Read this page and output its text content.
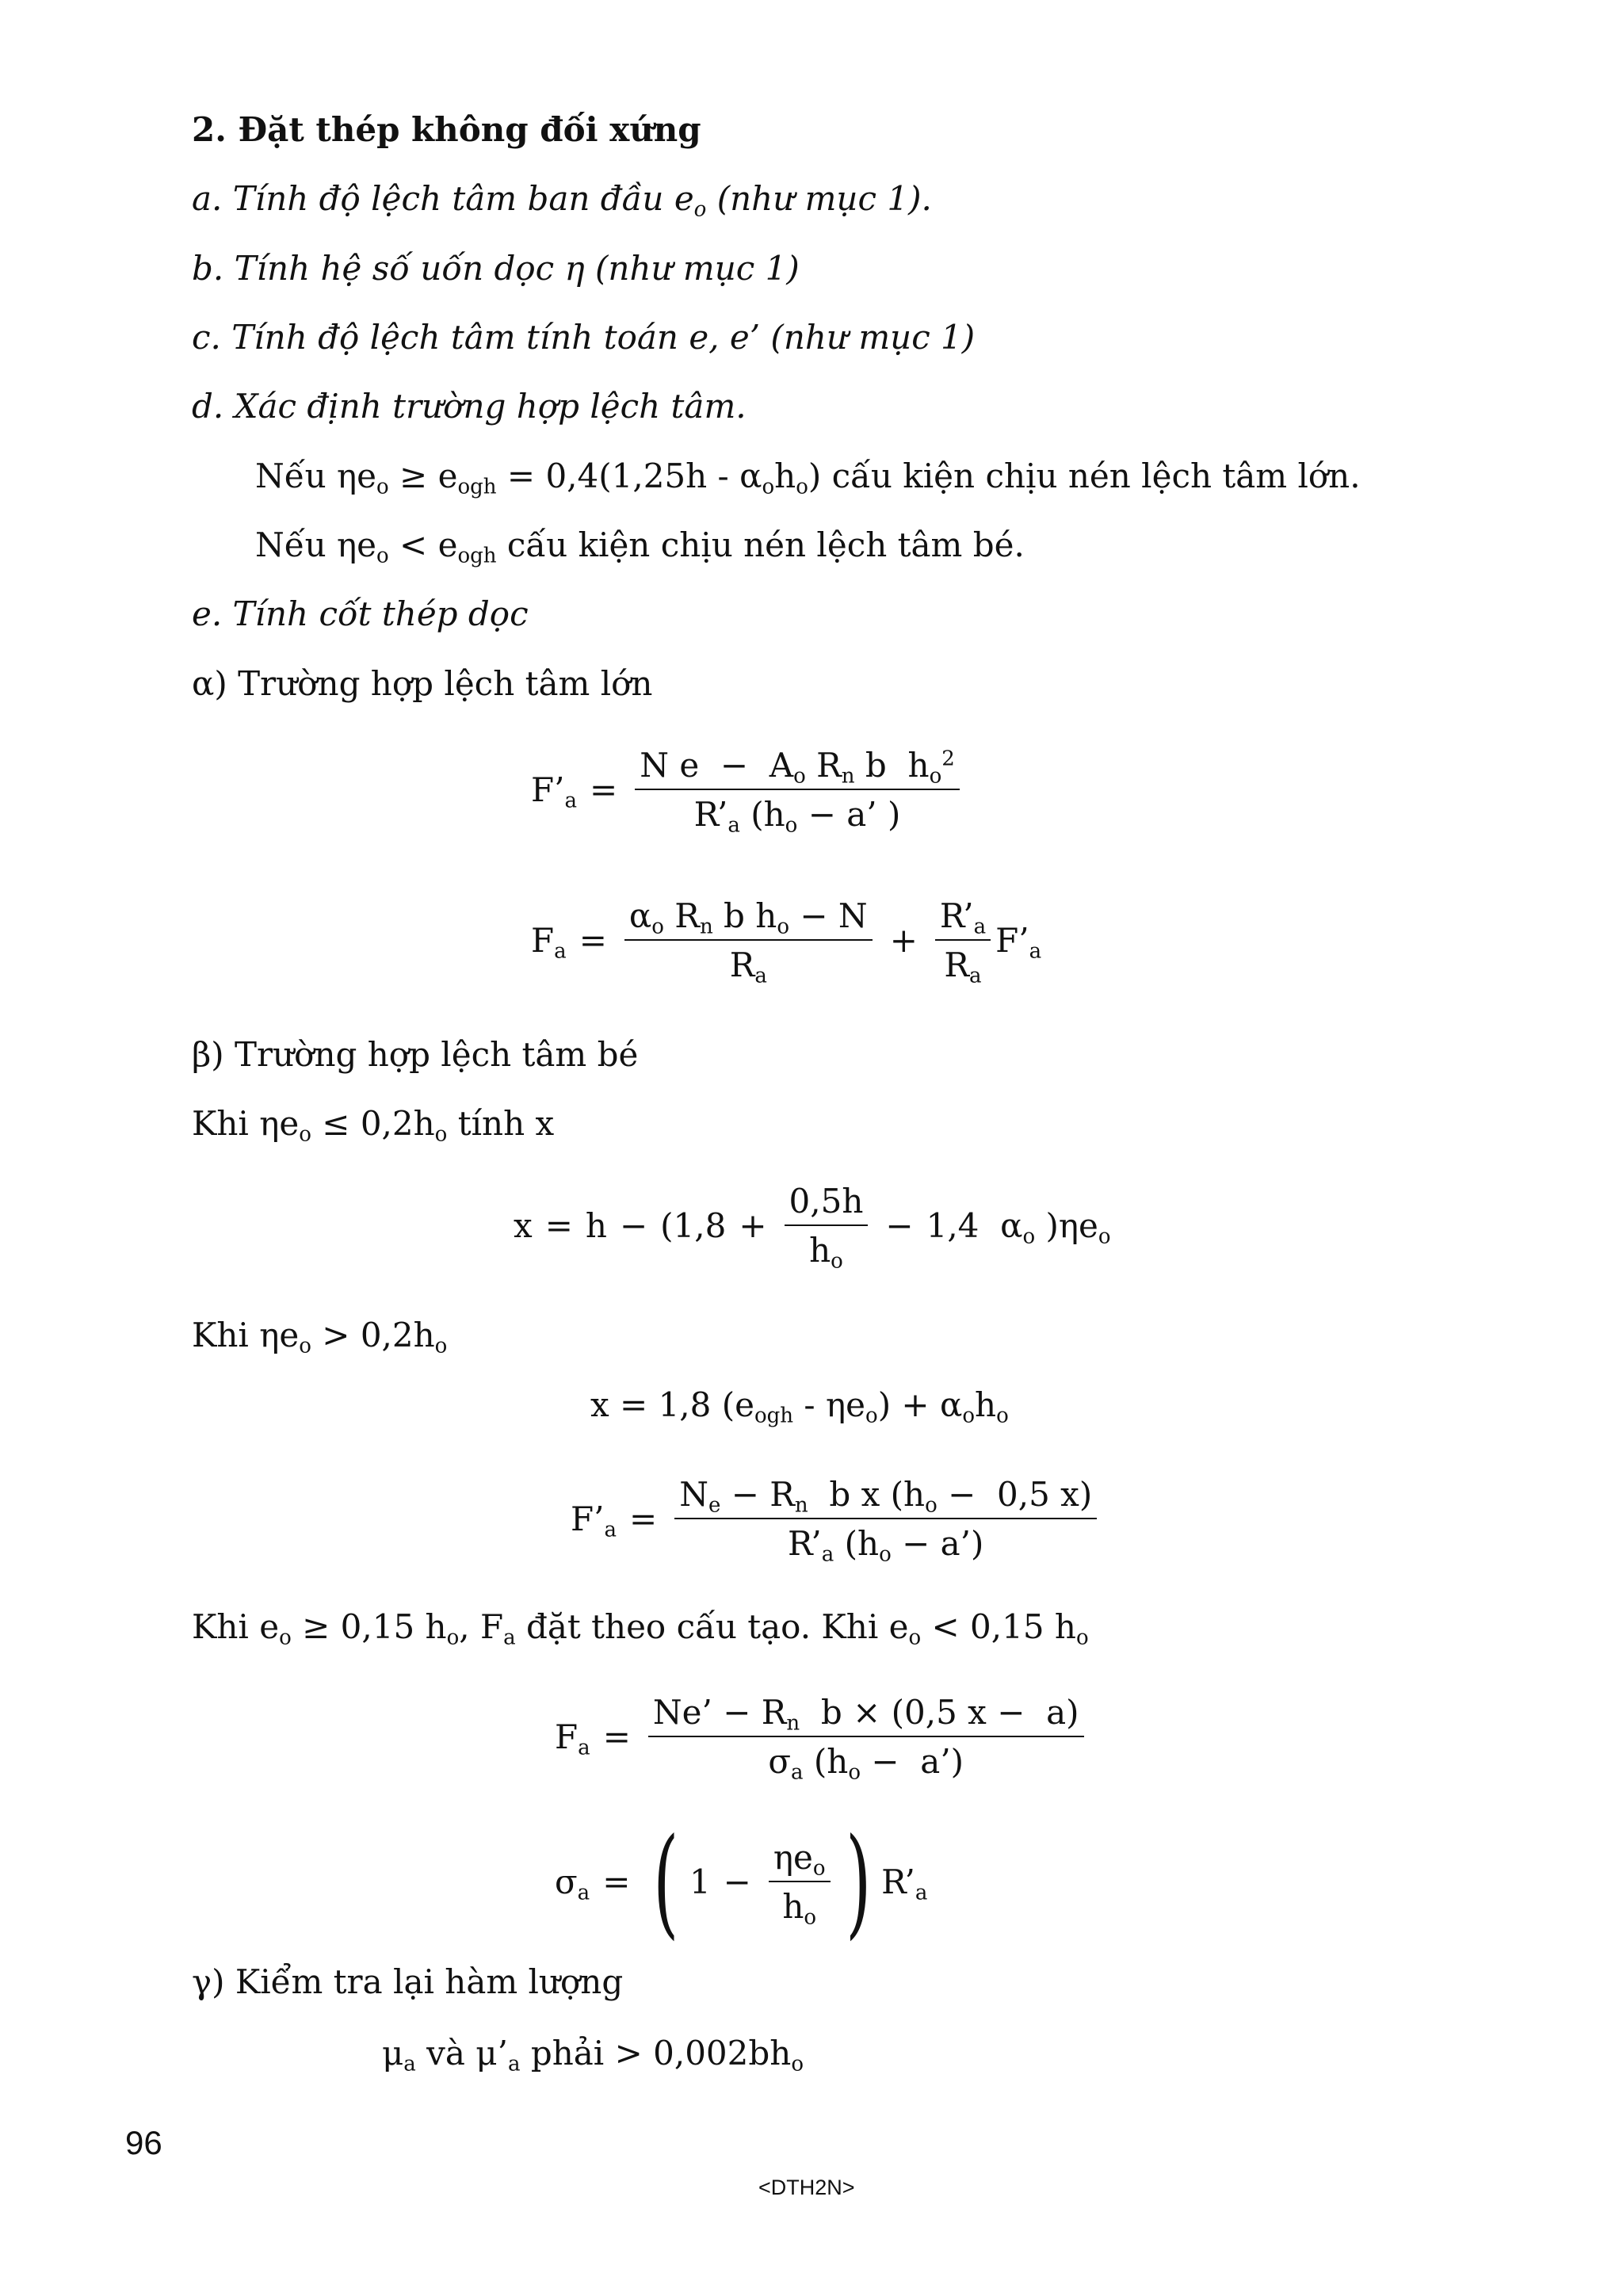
2. Đặt thép không đối xứng
a. Tính độ lệch tâm ban đầu $e_o$ (như mục 1).
b. Tính hệ số uốn dọc η (như mục 1)
c. Tính độ lệch tâm tính toán e, e’ (như mục 1)
d. Xác định trường hợp lệch tâm.
Nếu $\eta e_o \ge e_{ogh} = 0,4(1,25h - \alpha_oh_o)$ cấu kiện chịu nén lệch tâm lớn.
Nếu $\eta e_o < e_{ogh}$ cấu kiện chịu nén lệch tâm bé.
e. Tính cốt thép dọc
α) Trường hợp lệch tâm lớn
$F’_a = \frac{N e - A_o R_n b h_o^2}{R’_a (h_o - a’ )}$
$F_a = \frac{\alpha_o R_n b h_o - N}{R_a} + \frac{R’_a}{R_a}$ $F’_a$
β) Trường hợp lệch tâm bé
Khi $\eta e_o \le 0,2h_o$ tính x
$x = h - (1,8 + \frac{0,5h}{h_o} - 1,4$  $\alpha_o$ )$\eta e_o$
Khi $\eta e_o > 0,2h_o$
x = 1,8 $(e_{ogh} - \eta e_o) + \alpha_oh_o$
$F’_a = \frac{N_e - R_n b x (h_o - 0,5 x)}{R’_a (h_o - a’)}$
Khi $e_o \ge 0,15$ $h_o$, $F_a$ đặt theo cấu tạo. Khi $e_o < 0,15$ $h_o$
$F_a = \frac{Ne’ - R_n b \times (0,5 x - a)}{\sigma_a (h_o - a’)}$
$\sigma_a$ = ( $1 - \frac{\eta e_o}{h_o}$ ) $R’_a$
γ) Kiểm tra lại hàm lượng
$\mu_a$ và $\mu’_a$ phải > $0,002bh_o$
96
<DTH2N>
